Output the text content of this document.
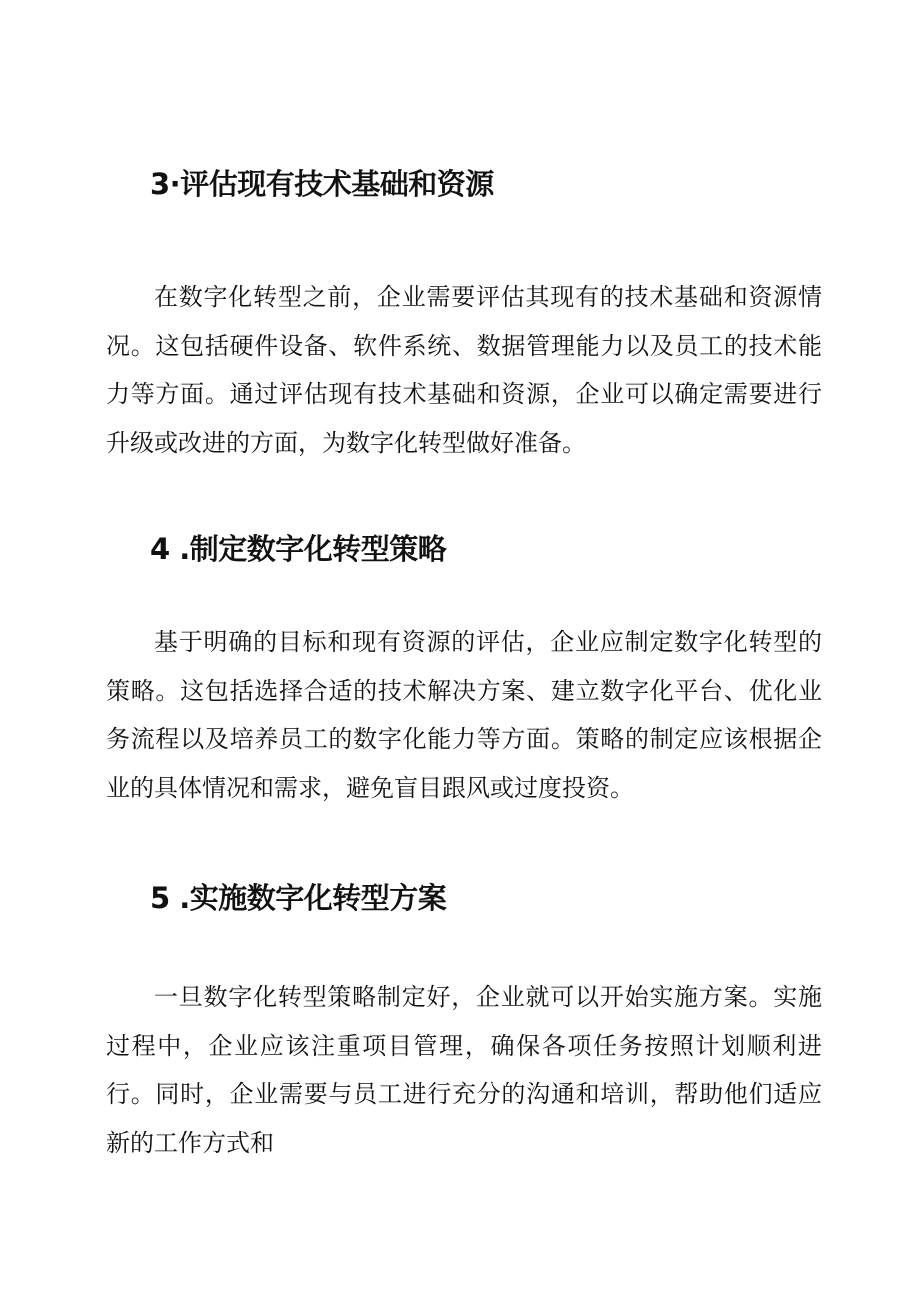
3·评估现有技术基础和资源

在数字化转型之前，企业需要评估其现有的技术基础和资源情况。这包括硬件设备、软件系统、数据管理能力以及员工的技术能力等方面。通过评估现有技术基础和资源，企业可以确定需要进行升级或改进的方面，为数字化转型做好准备。

4 .制定数字化转型策略

基于明确的目标和现有资源的评估，企业应制定数字化转型的策略。这包括选择合适的技术解决方案、建立数字化平台、优化业务流程以及培养员工的数字化能力等方面。策略的制定应该根据企业的具体情况和需求，避免盲目跟风或过度投资。

5 .实施数字化转型方案

一旦数字化转型策略制定好，企业就可以开始实施方案。实施过程中，企业应该注重项目管理，确保各项任务按照计划顺利进行。同时，企业需要与员工进行充分的沟通和培训，帮助他们适应新的工作方式和
